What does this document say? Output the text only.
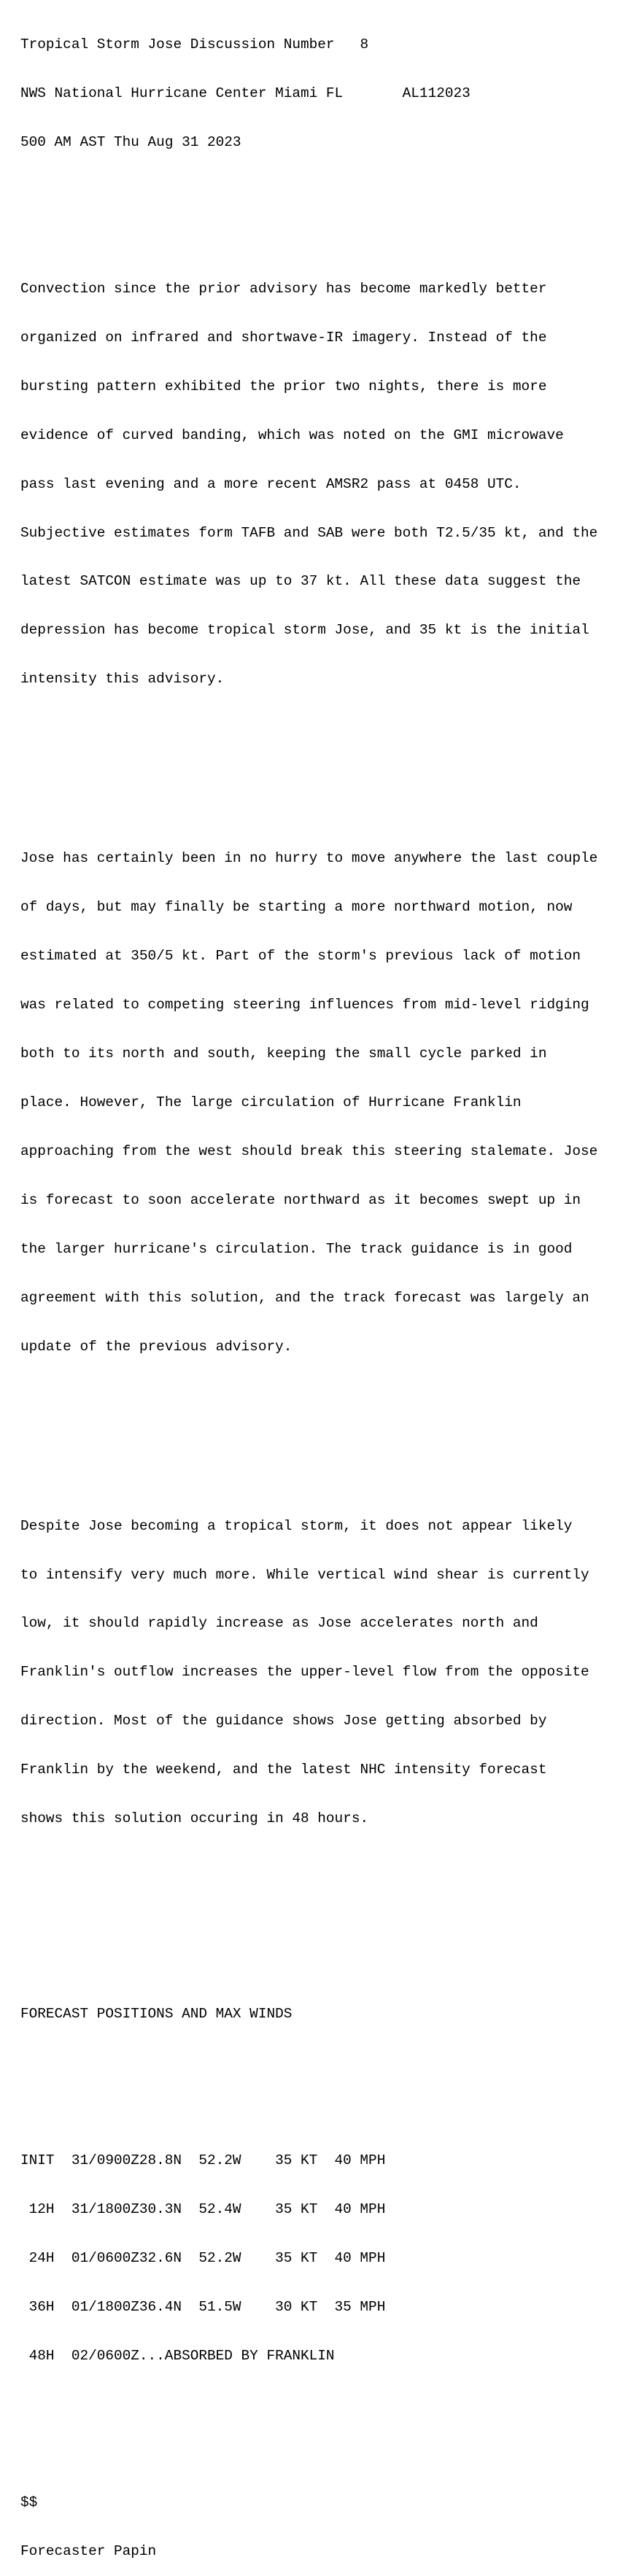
Tropical Storm Jose Discussion Number 8

NWS National Hurricane Center Miami FL	AL112023

500 AM AST Thu Aug 31 2023

Convection since the prior advisory has become markedly better

organized on infrared and shortwave-IR imagery. Instead of the

bursting pattern exhibited the prior two nights, there is more

evidence of curved banding, which was noted on the GMI microwave

pass last evening and a more recent AMSR2 pass at 0458 UTC.

Subjective estimates form TAFB and SAB were both T2.5/35 kt, and the

latest SATCON estimate was up to 37 kt. All these data suggest the

depression has become tropical storm Jose, and 35 kt is the initial

intensity this advisory.

Jose has certainly been in no hurry to move anywhere the last couple

of days, but may finally be starting a more northward motion, now

estimated at 350/5 kt. Part of the storm's previous lack of motion

was related to competing steering influences from mid-level ridging

both to its north and south, keeping the small cycle parked in

place. However, The large circulation of Hurricane Franklin

approaching from the west should break this steering stalemate. Jose

is forecast to soon accelerate northward as it becomes swept up in

the larger hurricane's circulation. The track guidance is in good

agreement with this solution, and the track forecast was largely an

update of the previous advisory.

Despite Jose becoming a tropical storm, it does not appear likely

to intensify very much more. While vertical wind shear is currently

low, it should rapidly increase as Jose accelerates north and

Franklin's outflow increases the upper-level flow from the opposite

direction. Most of the guidance shows Jose getting absorbed by

Franklin by the weekend, and the latest NHC intensity forecast

shows this solution occuring in 48 hours.

FORECAST POSITIONS AND MAX WINDS

INIT 31/0900Z28.8N 52.2W 35 KT 40 MPH

12H 31/1800Z30.3N 52.4W 35 KT 40 MPH

24H 01/0600Z32.6N 52.2W 35 KT 40 MPH

36H 01/1800Z36.4N 51.5W 30 KT 35 MPH

48H 02/0600Z...ABSORBED BY FRANKLIN

$$

Forecaster Papin
